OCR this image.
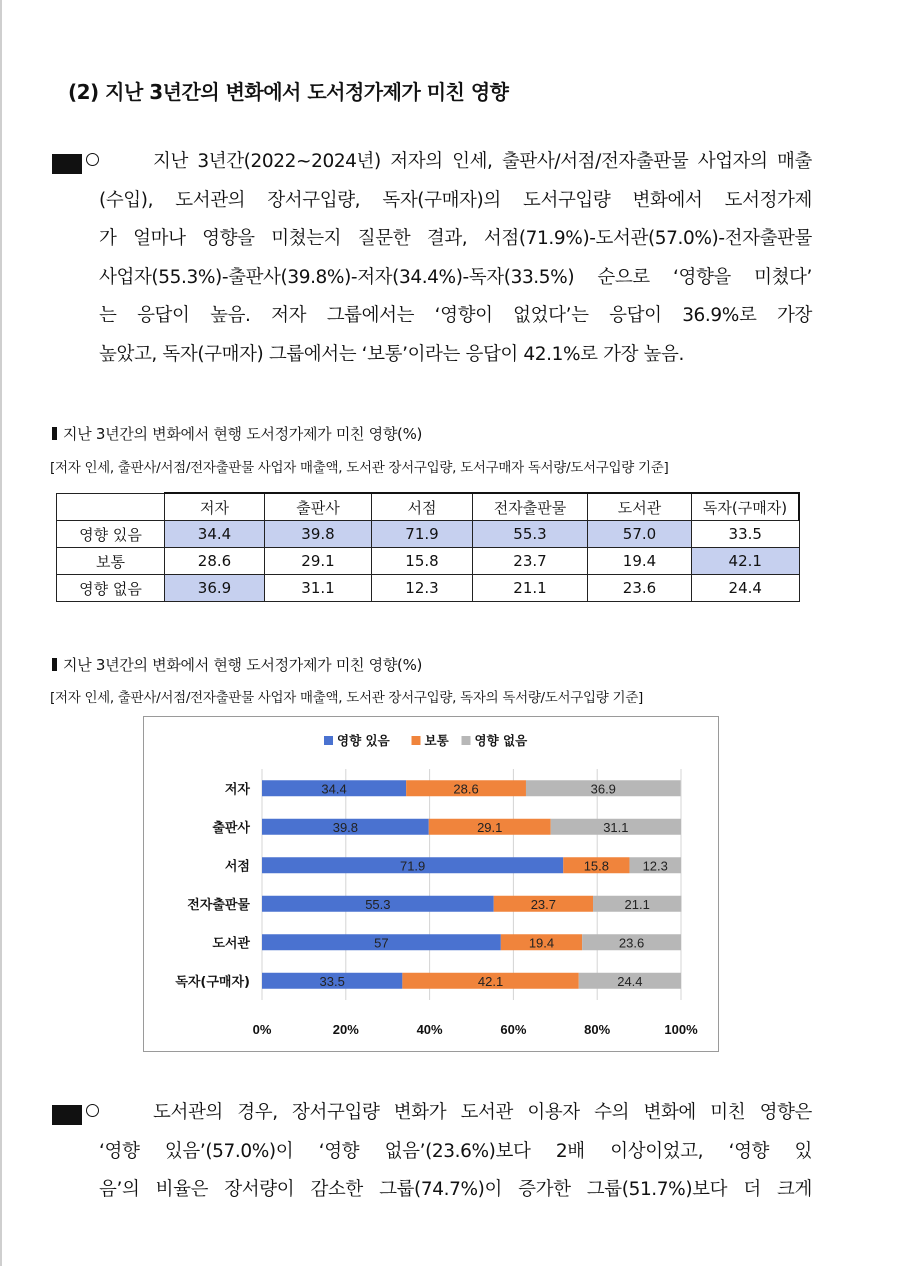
(2) 지난 3년간의 변화에서 도서정가제가 미친 영향
지난 3년간(2022~2024년) 저자의 인세, 출판사/서점/전자출판물 사업자의 매출
(수입), 도서관의 장서구입량, 독자(구매자)의 도서구입량 변화에서 도서정가제
가 얼마나 영향을 미쳤는지 질문한 결과, 서점(71.9%)-도서관(57.0%)-전자출판물
사업자(55.3%)-출판사(39.8%)-저자(34.4%)-독자(33.5%) 순으로 ‘영향을 미쳤다’
는 응답이 높음. 저자 그룹에서는 ‘영향이 없었다’는 응답이 36.9%로 가장
높았고, 독자(구매자) 그룹에서는 ‘보통’이라는 응답이 42.1%로 가장 높음.
지난 3년간의 변화에서 현행 도서정가제가 미친 영향(%)
[저자 인세, 출판사/서점/전자출판물 사업자 매출액, 도서관 장서구입량, 도서구매자 독서량/도서구입량 기준]
	저자	출판사	서점	전자출판물	도서관	독자(구매자)
영향 있음	34.4	39.8	71.9	55.3	57.0	33.5
보통	28.6	29.1	15.8	23.7	19.4	42.1
영향 없음	36.9	31.1	12.3	21.1	23.6	24.4
지난 3년간의 변화에서 현행 도서정가제가 미친 영향(%)
[저자 인세, 출판사/서점/전자출판물 사업자 매출액, 도서관 장서구입량, 독자의 독서량/도서구입량 기준]
0%	20%	40%	60%	80%	100%
영향 있음	보통 영향 없음
저자	34.4	28.6	36.9
출판사	39.8	29.1	31.1
서점	71.9	15.8	12.3
전자출판물	55.3	23.7	21.1
도서관	57	19.4	23.6
독자(구매자)	33.5	42.1	24.4
도서관의 경우, 장서구입량 변화가 도서관 이용자 수의 변화에 미친 영향은
‘영향 있음’(57.0%)이 ‘영향 없음’(23.6%)보다 2배 이상이었고, ‘영향 있
음’의 비율은 장서량이 감소한 그룹(74.7%)이 증가한 그룹(51.7%)보다 더 크게
